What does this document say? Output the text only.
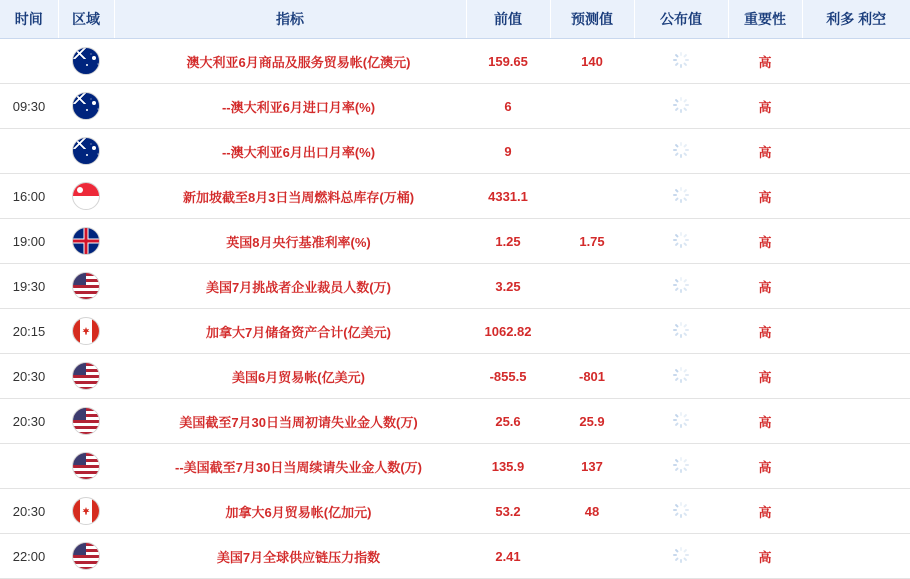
时间	区域	指标	前值	预测值	公布值	重要性	利多 利空
		澳大利亚6月商品及服务贸易帐(亿澳元)	159.65	140		高	
09:30		--澳大利亚6月进口月率(%)	6			高	
		--澳大利亚6月出口月率(%)	9			高	
16:00		新加坡截至8月3日当周燃料总库存(万桶)	4331.1			高	
19:00		英国8月央行基准利率(%)	1.25	1.75		高	
19:30		美国7月挑战者企业裁员人数(万)	3.25			高	
20:15		加拿大7月储备资产合计(亿美元)	1062.82			高	
20:30		美国6月贸易帐(亿美元)	-855.5	-801		高	
20:30		美国截至7月30日当周初请失业金人数(万)	25.6	25.9		高	
		--美国截至7月30日当周续请失业金人数(万)	135.9	137		高	
20:30		加拿大6月贸易帐(亿加元)	53.2	48		高	
22:00		美国7月全球供应链压力指数	2.41			高	
